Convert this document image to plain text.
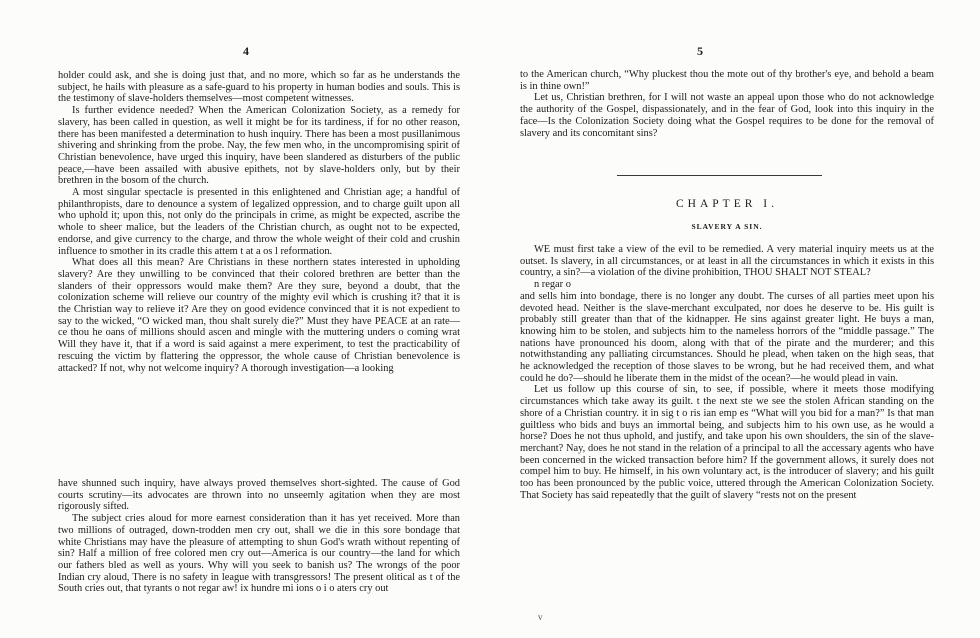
4

holder could ask, and she is doing just that, and no more, which so far as he understands the subject, he hails with pleasure as a safe-guard to his property in human bodies and souls. This is the testimony of slave-holders themselves—most competent witnesses.

Is further evidence needed? When the American Colonization Society, as a remedy for slavery, has been called in question, as well it might be for its tardiness, if for no other reason, there has been manifested a determination to hush inquiry. There has been a most pusillanimous shivering and shrinking from the probe. Nay, the few men who, in the uncompromising spirit of Christian benevolence, have urged this inquiry, have been slandered as disturbers of the public peace,—have been assailed with abusive epithets, not by slave-holders only, but by their brethren in the bosom of the church.

A most singular spectacle is presented in this enlightened and Christian age; a handful of philanthropists, dare to denounce a system of legalized oppression, and to charge guilt upon all who uphold it; upon this, not only do the principals in crime, as might be expected, ascribe the whole to sheer malice, but the leaders of the Christian church, as ought not to be expected, endorse, and give currency to the charge, and throw the whole weight of their cold and crushin influence to smother in its cradle this attem t at a os l reformation.

What does all this mean? Are Christians in these northern states interested in upholding slavery? Are they unwilling to be convinced that their colored brethren are better than the slanders of their oppressors would make them? Are they sure, beyond a doubt, that the colonization scheme will relieve our country of the mighty evil which is crushing it? that it is the Christian way to relieve it? Are they on good evidence convinced that it is not expedient to say to the wicked, “O wicked man, thou shalt surely die?” Must they have PEACE at an rate— ce thou he oans of millions should ascen and mingle with the muttering unders o coming wrat Will they have it, that if a word is said against a mere experiment, to test the practicability of rescuing the victim by flattering the oppressor, the whole cause of Christian benevolence is attacked? If not, why not welcome inquiry? A thorough investigation—a looking

have shunned such inquiry, have always proved themselves short-sighted. The cause of God courts scrutiny—its advocates are thrown into no unseemly agitation when they are most rigorously sifted.

The subject cries aloud for more earnest consideration than it has yet received. More than two millions of outraged, down-trodden men cry out, shall we die in this sore bondage that white Christians may have the pleasure of attempting to shun God's wrath without repenting of sin? Half a million of free colored men cry out—America is our country—the land for which our fathers bled as well as yours. Why will you seek to banish us? The wrongs of the poor Indian cry aloud, There is no safety in league with transgressors! The present olitical as t of the South cries out, that tyrants o not regar aw! ix hundre mi ions o i o aters cry out

5

to the American church, “Why pluckest thou the mote out of thy brother's eye, and behold a beam is in thine own!”

Let us, Christian brethren, for I will not waste an appeal upon those who do not acknowledge the authority of the Gospel, dispassionately, and in the fear of God, look into this inquiry in the face—Is the Colonization Society doing what the Gospel requires to be done for the removal of slavery and its concomitant sins?

CHAPTER I.
SLAVERY A SIN.

WE must first take a view of the evil to be remedied. A very material inquiry meets us at the outset. Is slavery, in all circumstances, or at least in all the circumstances in which it exists in this country, a sin?—a violation of the divine prohibition, THOU SHALT NOT STEAL?

n regar o

and sells him into bondage, there is no longer any doubt. The curses of all parties meet upon his devoted head. Neither is the slave-merchant exculpated, nor does he deserve to be. His guilt is probably still greater than that of the kidnapper. He sins against greater light. He buys a man, knowing him to be stolen, and subjects him to the nameless horrors of the “middle passage.” The nations have pronounced his doom, along with that of the pirate and the murderer; and this notwithstanding any palliating circumstances. Should he plead, when taken on the high seas, that he acknowledged the reception of those slaves to be wrong, but he had received them, and what could he do?—should he liberate them in the midst of the ocean?—he would plead in vain.

Let us follow up this course of sin, to see, if possible, where it meets those modifying circumstances which take away its guilt. t the next ste we see the stolen African standing on the shore of a Christian country. it in sig t o ris ian emp es “What will you bid for a man?” Is that man guiltless who bids and buys an immortal being, and subjects him to his own use, as he would a horse? Does he not thus uphold, and justify, and take upon his own shoulders, the sin of the slave-merchant? Nay, does he not stand in the relation of a principal to all the accessary agents who have been concerned in the wicked transaction before him? If the government allows, it surely does not compel him to buy. He himself, in his own voluntary act, is the introducer of slavery; and his guilt too has been pronounced by the public voice, uttered through the American Colonization Society. That Society has said repeatedly that the guilt of slavery “rests not on the present

v
